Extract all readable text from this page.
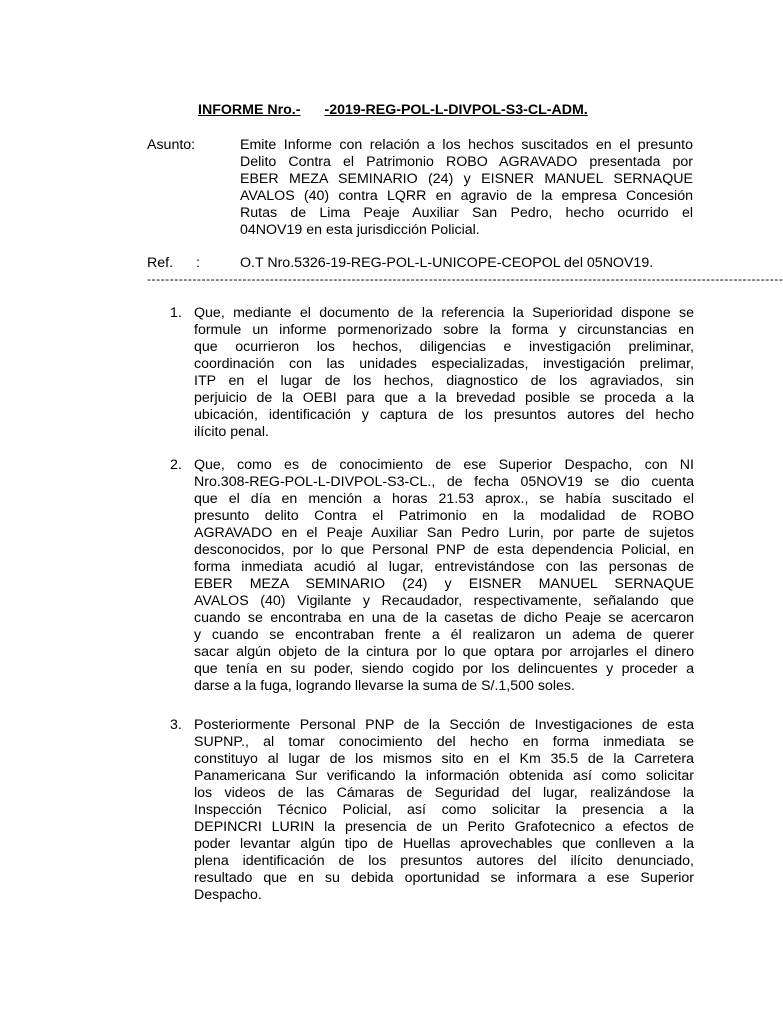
INFORME Nro.- -2019-REG-POL-L-DIVPOL-S3-CL-ADM.
Asunto:	Emite Informe con relación a los hechos suscitados en el presunto
Delito Contra el Patrimonio ROBO AGRAVADO presentada por
EBER MEZA SEMINARIO (24) y EISNER MANUEL SERNAQUE
AVALOS (40) contra LQRR en agravio de la empresa Concesión
Rutas de Lima Peaje Auxiliar San Pedro, hecho ocurrido el
04NOV19 en esta jurisdicción Policial.
Ref. :	O.T Nro.5326-19-REG-POL-L-UNICOPE-CEOPOL del 05NOV19.
--------------------------------------------------------------------------------------------------------------------------------------------
1. Que, mediante el documento de la referencia la Superioridad dispone se
formule un informe pormenorizado sobre la forma y circunstancias en
que ocurrieron los hechos, diligencias e investigación preliminar,
coordinación con las unidades especializadas, investigación prelimar,
ITP en el lugar de los hechos, diagnostico de los agraviados, sin
perjuicio de la OEBI para que a la brevedad posible se proceda a la
ubicación, identificación y captura de los presuntos autores del hecho
ilícito penal.
2. Que, como es de conocimiento de ese Superior Despacho, con NI
Nro.308-REG-POL-L-DIVPOL-S3-CL., de fecha 05NOV19 se dio cuenta
que el día en mención a horas 21.53 aprox., se había suscitado el
presunto delito Contra el Patrimonio en la modalidad de ROBO
AGRAVADO en el Peaje Auxiliar San Pedro Lurin, por parte de sujetos
desconocidos, por lo que Personal PNP de esta dependencia Policial, en
forma inmediata acudió al lugar, entrevistándose con las personas de
EBER MEZA SEMINARIO (24) y EISNER MANUEL SERNAQUE
AVALOS (40) Vigilante y Recaudador, respectivamente, señalando que
cuando se encontraba en una de la casetas de dicho Peaje se acercaron
y cuando se encontraban frente a él realizaron un adema de querer
sacar algún objeto de la cintura por lo que optara por arrojarles el dinero
que tenía en su poder, siendo cogido por los delincuentes y proceder a
darse a la fuga, logrando llevarse la suma de S/.1,500 soles.
3. Posteriormente Personal PNP de la Sección de Investigaciones de esta
SUPNP., al tomar conocimiento del hecho en forma inmediata se
constituyo al lugar de los mismos sito en el Km 35.5 de la Carretera
Panamericana Sur verificando la información obtenida así como solicitar
los videos de las Cámaras de Seguridad del lugar, realizándose la
Inspección Técnico Policial, así como solicitar la presencia a la
DEPINCRI LURIN la presencia de un Perito Grafotecnico a efectos de
poder levantar algún tipo de Huellas aprovechables que conlleven a la
plena identificación de los presuntos autores del ilícito denunciado,
resultado que en su debida oportunidad se informara a ese Superior
Despacho.
